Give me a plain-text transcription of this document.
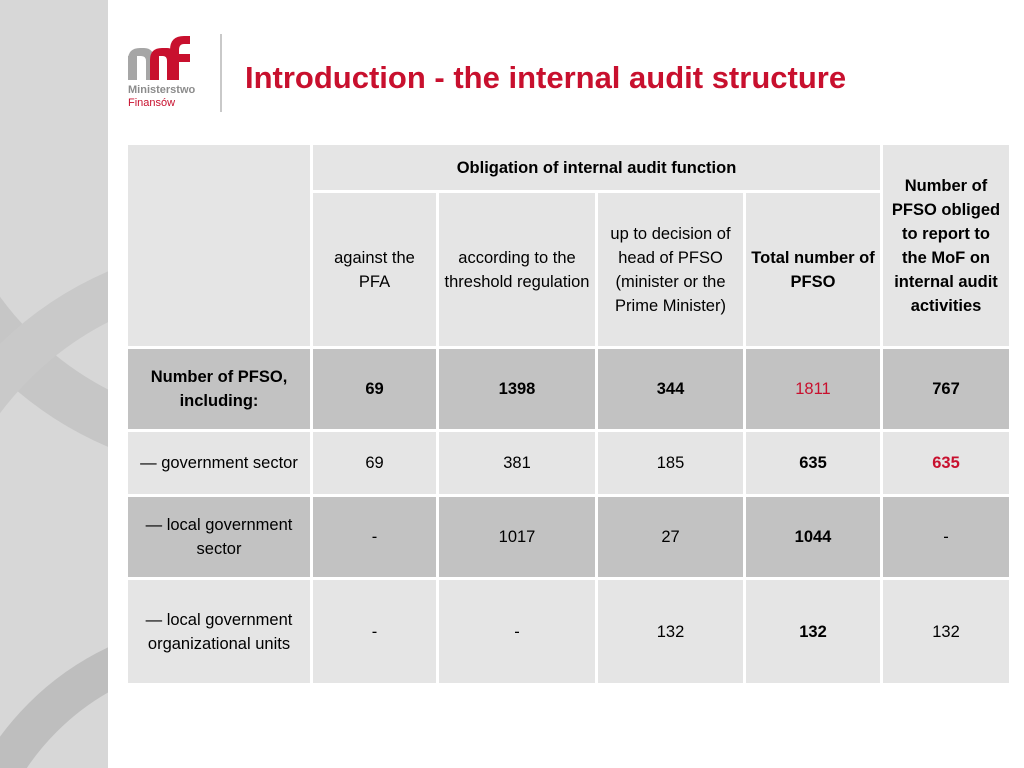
Ministerstwo
Finansów
Introduction - the internal audit structure
	Obligation of internal audit function				Number of PFSO obliged to report to the MoF on internal audit activities
	against the PFA	according to the threshold regulation	up to decision of head of PFSO (minister or the Prime Minister)	Total number of PFSO	
Number of PFSO, including:	69	1398	344	1811	767
— government sector	69	381	185	635	635
— local government sector	-	1017	27	1044	-
— local government organizational units	-	-	132	132	132
